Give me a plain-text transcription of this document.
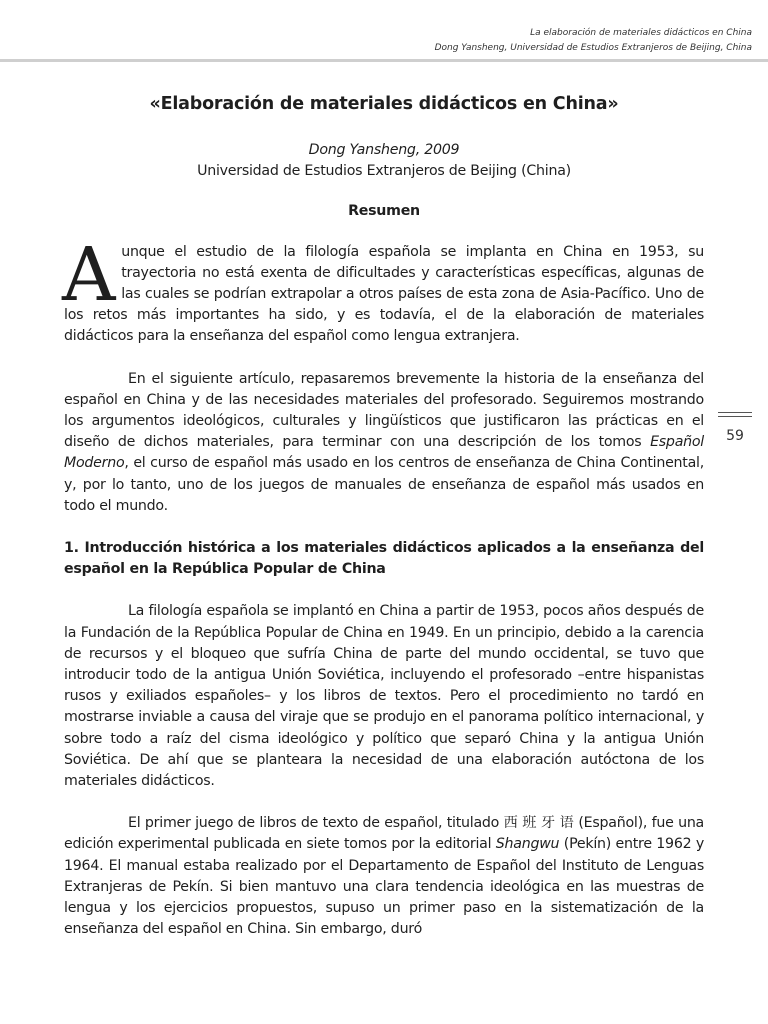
La elaboración de materiales didácticos en China
Dong Yansheng, Universidad de Estudios Extranjeros de Beijing, China
59
«Elaboración de materiales didácticos en China»
Dong Yansheng, 2009
Universidad de Estudios Extranjeros de Beijing (China)
Resumen

Aunque el estudio de la filología española se implanta en China en 1953, su trayectoria no está exenta de dificultades y características específicas, algunas de las cuales se podrían extrapolar a otros países de esta zona de Asia-Pacífico. Uno de los retos más importantes ha sido, y es todavía, el de la elaboración de materiales didácticos para la enseñanza del español como lengua extranjera.

En el siguiente artículo, repasaremos brevemente la historia de la enseñanza del español en China y de las necesidades materiales del profesorado. Seguiremos mostrando los argumentos ideológicos, culturales y lingüísticos que justificaron las prácticas en el diseño de dichos materiales, para terminar con una descripción de los tomos Español Moderno, el curso de español más usado en los centros de enseñanza de China Continental, y, por lo tanto, uno de los juegos de manuales de enseñanza de español más usados en todo el mundo.

1. Introducción histórica a los materiales didácticos aplicados a la enseñanza del español en la República Popular de China

La filología española se implantó en China a partir de 1953, pocos años después de la Fundación de la República Popular de China en 1949. En un principio, debido a la carencia de recursos y el bloqueo que sufría China de parte del mundo occidental, se tuvo que introducir todo de la antigua Unión Soviética, incluyendo el profesorado –entre hispanistas rusos y exiliados españoles– y los libros de textos. Pero el procedimiento no tardó en mostrarse inviable a causa del viraje que se produjo en el panorama político internacional, y sobre todo a raíz del cisma ideológico y político que separó China y la antigua Unión Soviética. De ahí que se planteara la necesidad de una elaboración autóctona de los materiales didácticos.

El primer juego de libros de texto de español, titulado 西 班 牙 语 (Español), fue una edición experimental publicada en siete tomos por la editorial Shangwu (Pekín) entre 1962 y 1964. El manual estaba realizado por el Departamento de Español del Instituto de Lenguas Extranjeras de Pekín. Si bien mantuvo una clara tendencia ideológica en las muestras de lengua y los ejercicios propuestos, supuso un primer paso en la sistematización de la enseñanza del español en China. Sin embargo, duró
